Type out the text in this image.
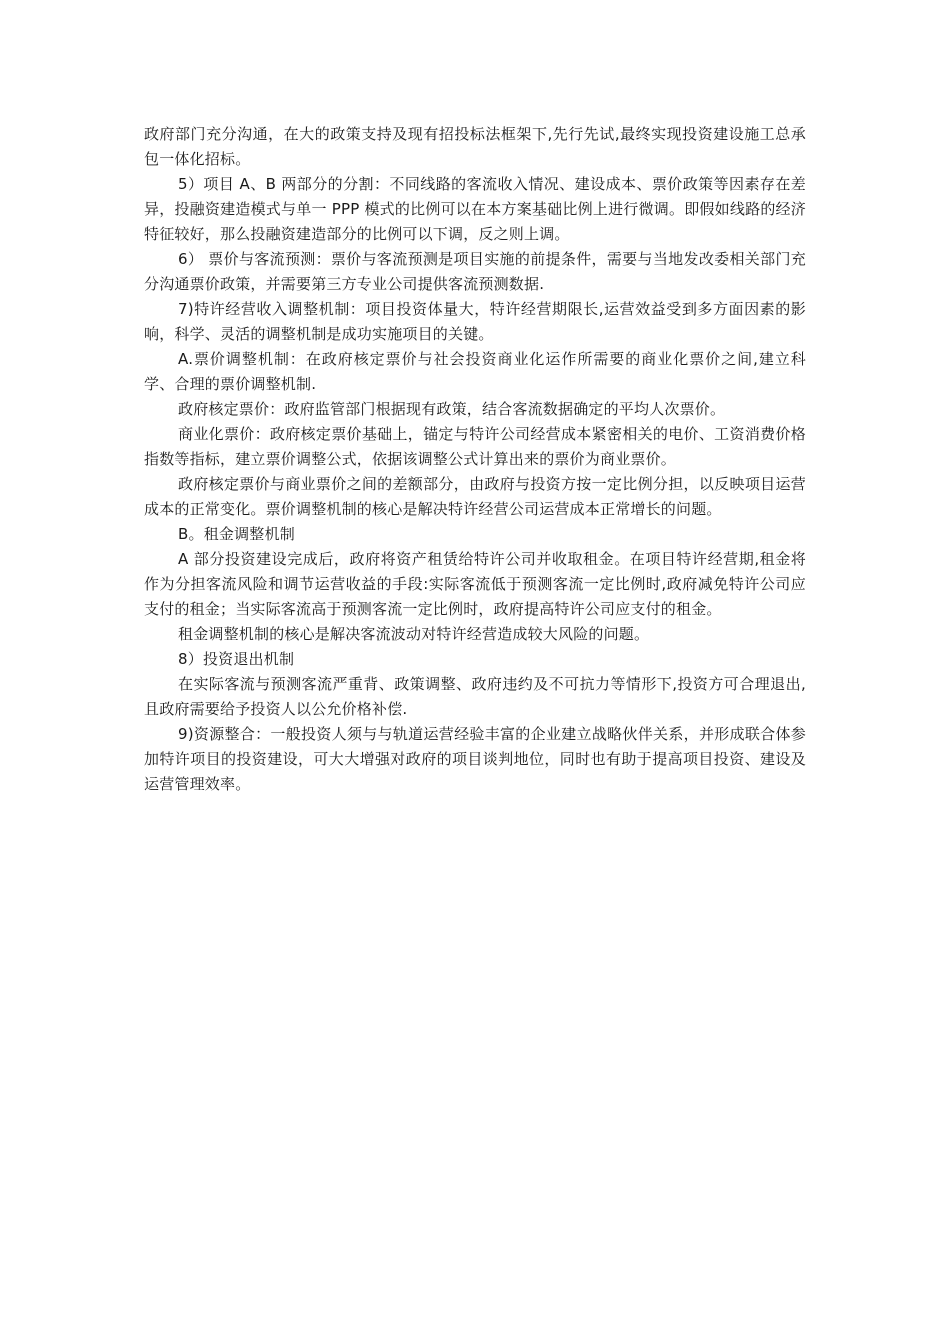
政府部门充分沟通，在大的政策支持及现有招投标法框架下,先行先试,最终实现投资建设施工总承包一体化招标。

5）项目 A、B 两部分的分割：不同线路的客流收入情况、建设成本、票价政策等因素存在差异，投融资建造模式与单一 PPP 模式的比例可以在本方案基础比例上进行微调。即假如线路的经济特征较好，那么投融资建造部分的比例可以下调，反之则上调。

6） 票价与客流预测：票价与客流预测是项目实施的前提条件，需要与当地发改委相关部门充分沟通票价政策，并需要第三方专业公司提供客流预测数据.

7)特许经营收入调整机制：项目投资体量大，特许经营期限长,运营效益受到多方面因素的影响，科学、灵活的调整机制是成功实施项目的关键。

A.票价调整机制：在政府核定票价与社会投资商业化运作所需要的商业化票价之间,建立科学、合理的票价调整机制.

政府核定票价：政府监管部门根据现有政策，结合客流数据确定的平均人次票价。

商业化票价：政府核定票价基础上，锚定与特许公司经营成本紧密相关的电价、工资消费价格指数等指标，建立票价调整公式，依据该调整公式计算出来的票价为商业票价。

政府核定票价与商业票价之间的差额部分，由政府与投资方按一定比例分担，以反映项目运营成本的正常变化。票价调整机制的核心是解决特许经营公司运营成本正常增长的问题。

B。租金调整机制

A 部分投资建设完成后，政府将资产租赁给特许公司并收取租金。在项目特许经营期,租金将作为分担客流风险和调节运营收益的手段:实际客流低于预测客流一定比例时,政府减免特许公司应支付的租金；当实际客流高于预测客流一定比例时，政府提高特许公司应支付的租金。

租金调整机制的核心是解决客流波动对特许经营造成较大风险的问题。

8）投资退出机制

在实际客流与预测客流严重背、政策调整、政府违约及不可抗力等情形下,投资方可合理退出,且政府需要给予投资人以公允价格补偿.

9)资源整合：一般投资人须与与轨道运营经验丰富的企业建立战略伙伴关系，并形成联合体参加特许项目的投资建设，可大大增强对政府的项目谈判地位，同时也有助于提高项目投资、建设及运营管理效率。
